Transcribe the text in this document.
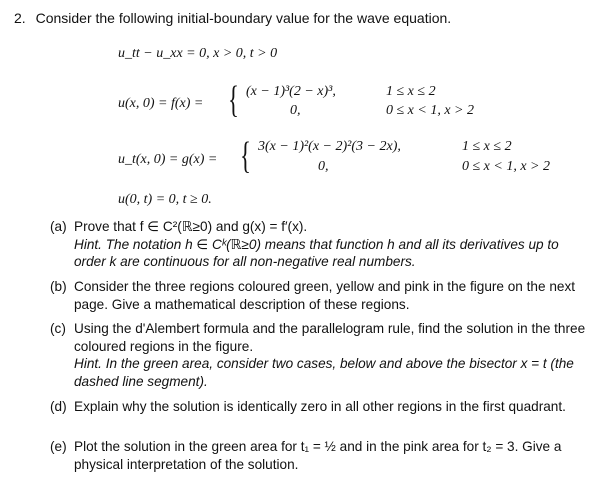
2. Consider the following initial-boundary value for the wave equation.
u_tt − u_xx = 0, x > 0, t > 0
u(x, 0) = f(x) = { (x − 1)³(2 − x)³,	1 ≤ x ≤ 2
0,	0 ≤ x < 1, x > 2
u_t(x, 0) = g(x) = { 3(x − 1)²(x − 2)²(3 − 2x),	1 ≤ x ≤ 2
0,	0 ≤ x < 1, x > 2
u(0, t) = 0, t ≥ 0.
(a) Prove that f ∈ C²(ℝ≥0) and g(x) = f′(x).
Hint. The notation h ∈ Cᵏ(ℝ≥0) means that function h and all its derivatives up to order k are continuous for all non-negative real numbers.
(b) Consider the three regions coloured green, yellow and pink in the figure on the next page. Give a mathematical description of these regions.
(c) Using the d'Alembert formula and the parallelogram rule, find the solution in the three coloured regions in the figure.
Hint. In the green area, consider two cases, below and above the bisector x = t (the dashed line segment).
(d) Explain why the solution is identically zero in all other regions in the first quadrant.
(e) Plot the solution in the green area for t₁ = ½ and in the pink area for t₂ = 3. Give a physical interpretation of the solution.
